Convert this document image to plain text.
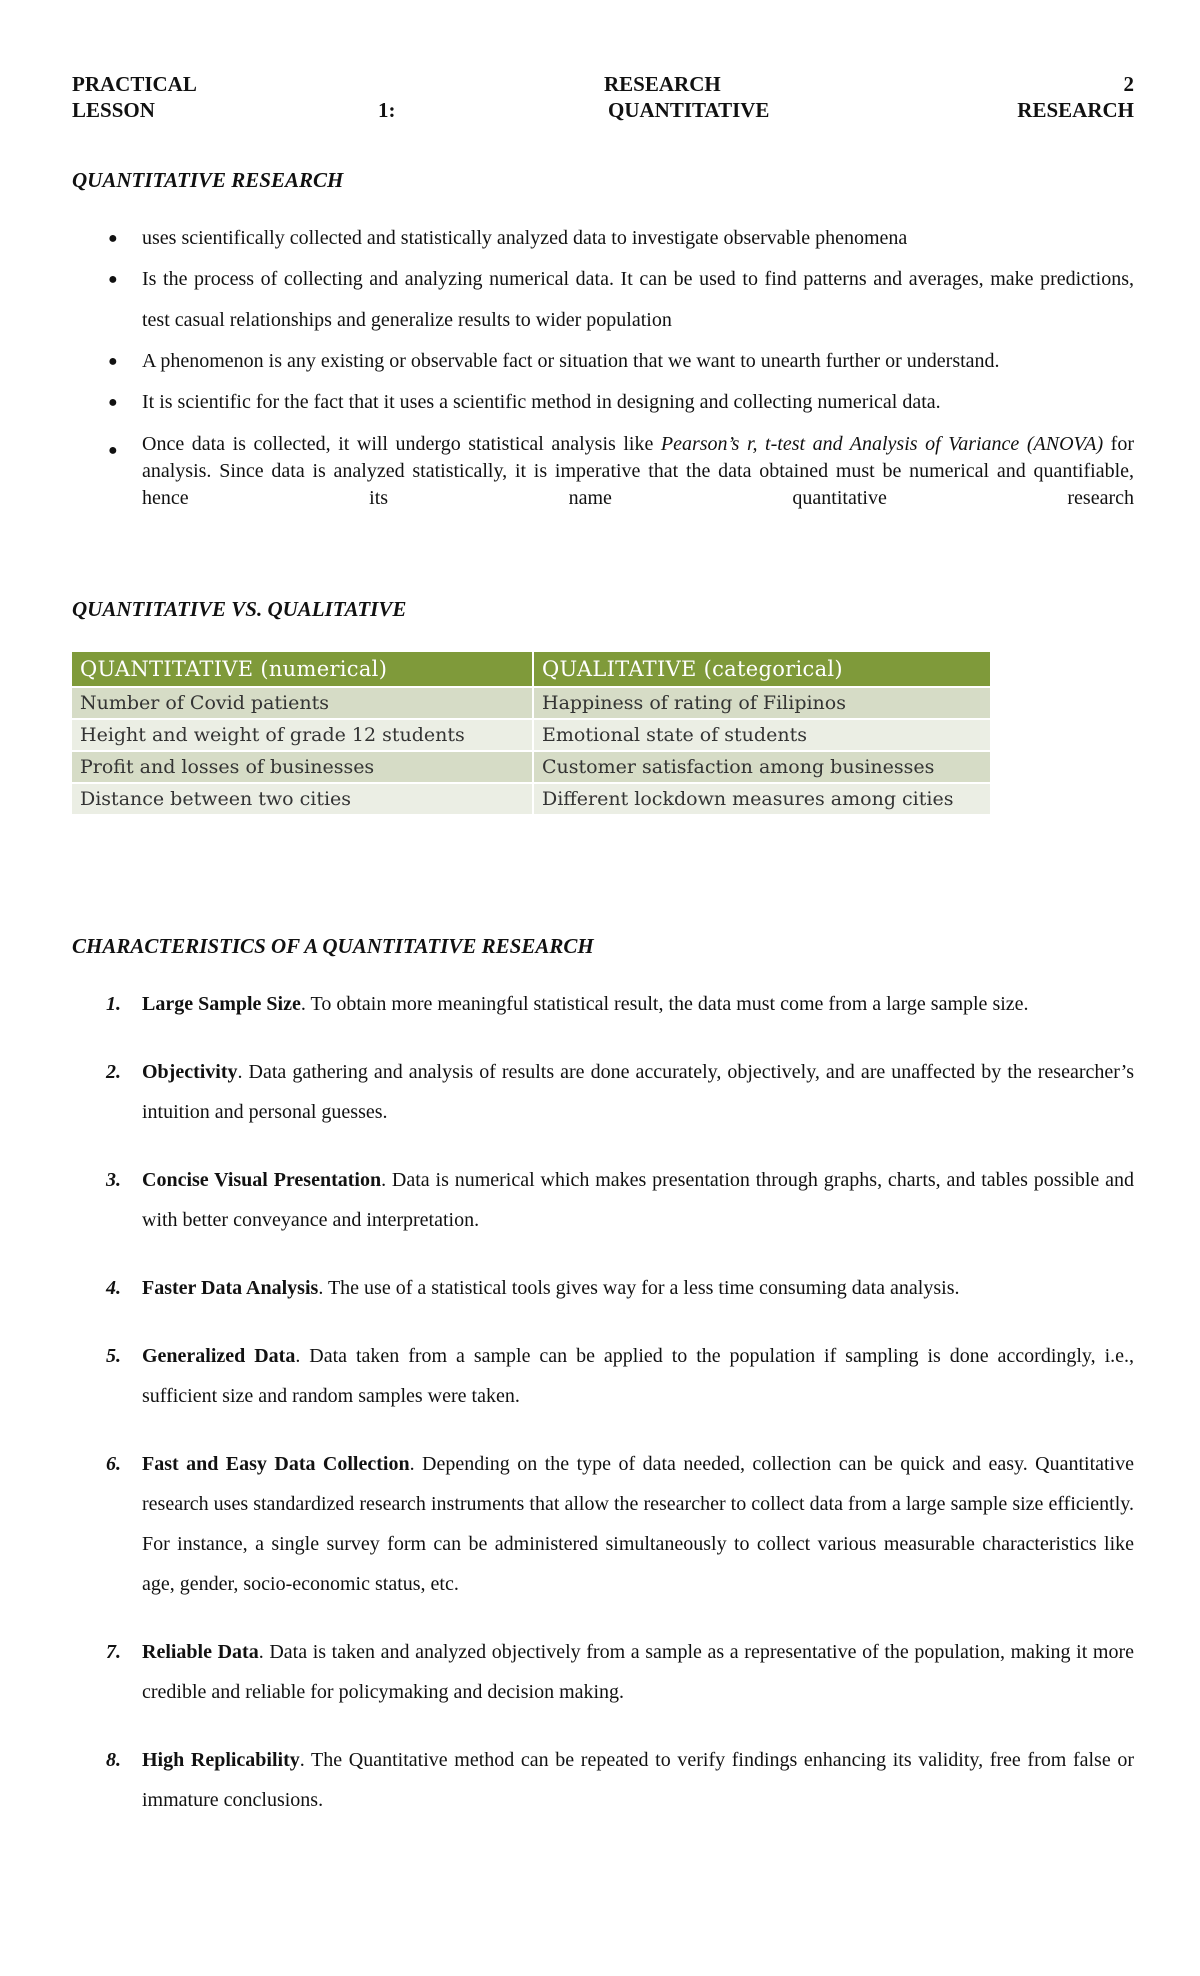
PRACTICAL	RESEARCH	2
LESSON	1:	QUANTITATIVE	RESEARCH
QUANTITATIVE RESEARCH
● uses scientifically collected and statistically analyzed data to investigate observable phenomena
● Is the process of collecting and analyzing numerical data. It can be used to find patterns and averages, make predictions, test casual relationships and generalize results to wider population
● A phenomenon is any existing or observable fact or situation that we want to unearth further or understand.
● It is scientific for the fact that it uses a scientific method in designing and collecting numerical data.
● Once data is collected, it will undergo statistical analysis like Pearson’s r, t-test and Analysis of Variance (ANOVA) for analysis. Since data is analyzed statistically, it is imperative that the data obtained must be numerical and quantifiable, hence its name quantitative research
QUANTITATIVE VS. QUALITATIVE
QUANTITATIVE (numerical)	QUALITATIVE (categorical)
Number of Covid patients	Happiness of rating of Filipinos
Height and weight of grade 12 students	Emotional state of students
Profit and losses of businesses	Customer satisfaction among businesses
Distance between two cities	Different lockdown measures among cities
CHARACTERISTICS OF A QUANTITATIVE RESEARCH
1. Large Sample Size. To obtain more meaningful statistical result, the data must come from a large sample size.
2. Objectivity. Data gathering and analysis of results are done accurately, objectively, and are unaffected by the researcher’s intuition and personal guesses.
3. Concise Visual Presentation. Data is numerical which makes presentation through graphs, charts, and tables possible and with better conveyance and interpretation.
4. Faster Data Analysis. The use of a statistical tools gives way for a less time consuming data analysis.
5. Generalized Data. Data taken from a sample can be applied to the population if sampling is done accordingly, i.e., sufficient size and random samples were taken.
6. Fast and Easy Data Collection. Depending on the type of data needed, collection can be quick and easy. Quantitative research uses standardized research instruments that allow the researcher to collect data from a large sample size efficiently. For instance, a single survey form can be administered simultaneously to collect various measurable characteristics like age, gender, socio-economic status, etc.
7. Reliable Data. Data is taken and analyzed objectively from a sample as a representative of the population, making it more credible and reliable for policymaking and decision making.
8. High Replicability. The Quantitative method can be repeated to verify findings enhancing its validity, free from false or immature conclusions.
